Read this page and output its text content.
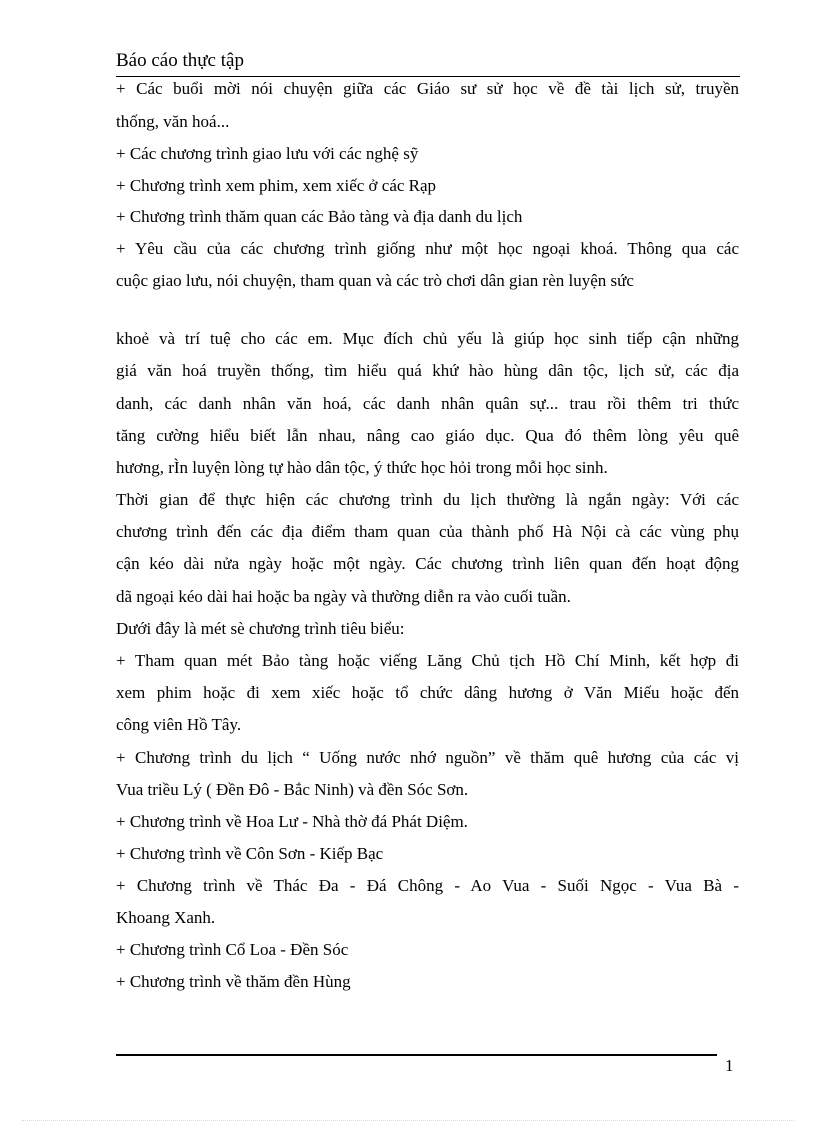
Báo cáo thực tập

+ Các buổi mời nói chuyện giữa các Giáo sư sử học về đề tài lịch sử, truyền

thống, văn hoá...

+ Các chương trình giao lưu với các nghệ sỹ

+ Chương trình xem phim, xem xiếc ở các Rạp

+ Chương trình thăm quan các Bảo tàng và địa danh du lịch

+ Yêu cầu của các chương trình giống như một học ngoại khoá. Thông qua các

cuộc giao lưu, nói chuyện, tham quan và các trò chơi dân gian rèn luyện sức

khoẻ và trí tuệ cho các em. Mục đích chủ yếu là giúp học sinh tiếp cận những

giá văn hoá truyền thống, tìm hiểu quá khứ hào hùng dân tộc, lịch sử, các địa

danh, các danh nhân văn hoá, các danh nhân quân sự... trau rồi thêm tri thức

tăng cường hiểu biết lẫn nhau, nâng cao giáo dục. Qua đó thêm lòng yêu quê

hương, rÌn luyện lòng tự hào dân tộc, ý thức học hỏi trong mỗi học sinh.

Thời gian để thực hiện các chương trình du lịch thường là ngắn ngày: Với các

chương trình đến các địa điểm tham quan của thành phố Hà Nội cà các vùng phụ

cận kéo dài nửa ngày hoặc một ngày. Các chương trình liên quan đến hoạt động

dã ngoại kéo dài hai hoặc ba ngày và thường diễn ra vào cuối tuần.

Dưới đây là mét sè chương trình tiêu biểu:

+ Tham quan mét Bảo tàng hoặc viếng Lăng Chủ tịch Hồ Chí Minh, kết hợp đi

xem phim hoặc đi xem xiếc hoặc tổ chức dâng hương ở Văn Miếu hoặc đến

công viên Hồ Tây.

+ Chương trình du lịch “ Uống nước nhớ nguồn” về thăm quê hương của các vị

Vua triều Lý ( Đền Đô - Bắc Ninh) và đền Sóc Sơn.

+ Chương trình về Hoa Lư - Nhà thờ đá Phát Diệm.

+ Chương trình về Côn Sơn - Kiếp Bạc

+ Chương trình về Thác Đa - Đá Chông - Ao Vua - Suối Ngọc - Vua Bà -

Khoang Xanh.

+ Chương trình Cổ Loa - Đền Sóc

+ Chương trình về thăm đền Hùng

1
